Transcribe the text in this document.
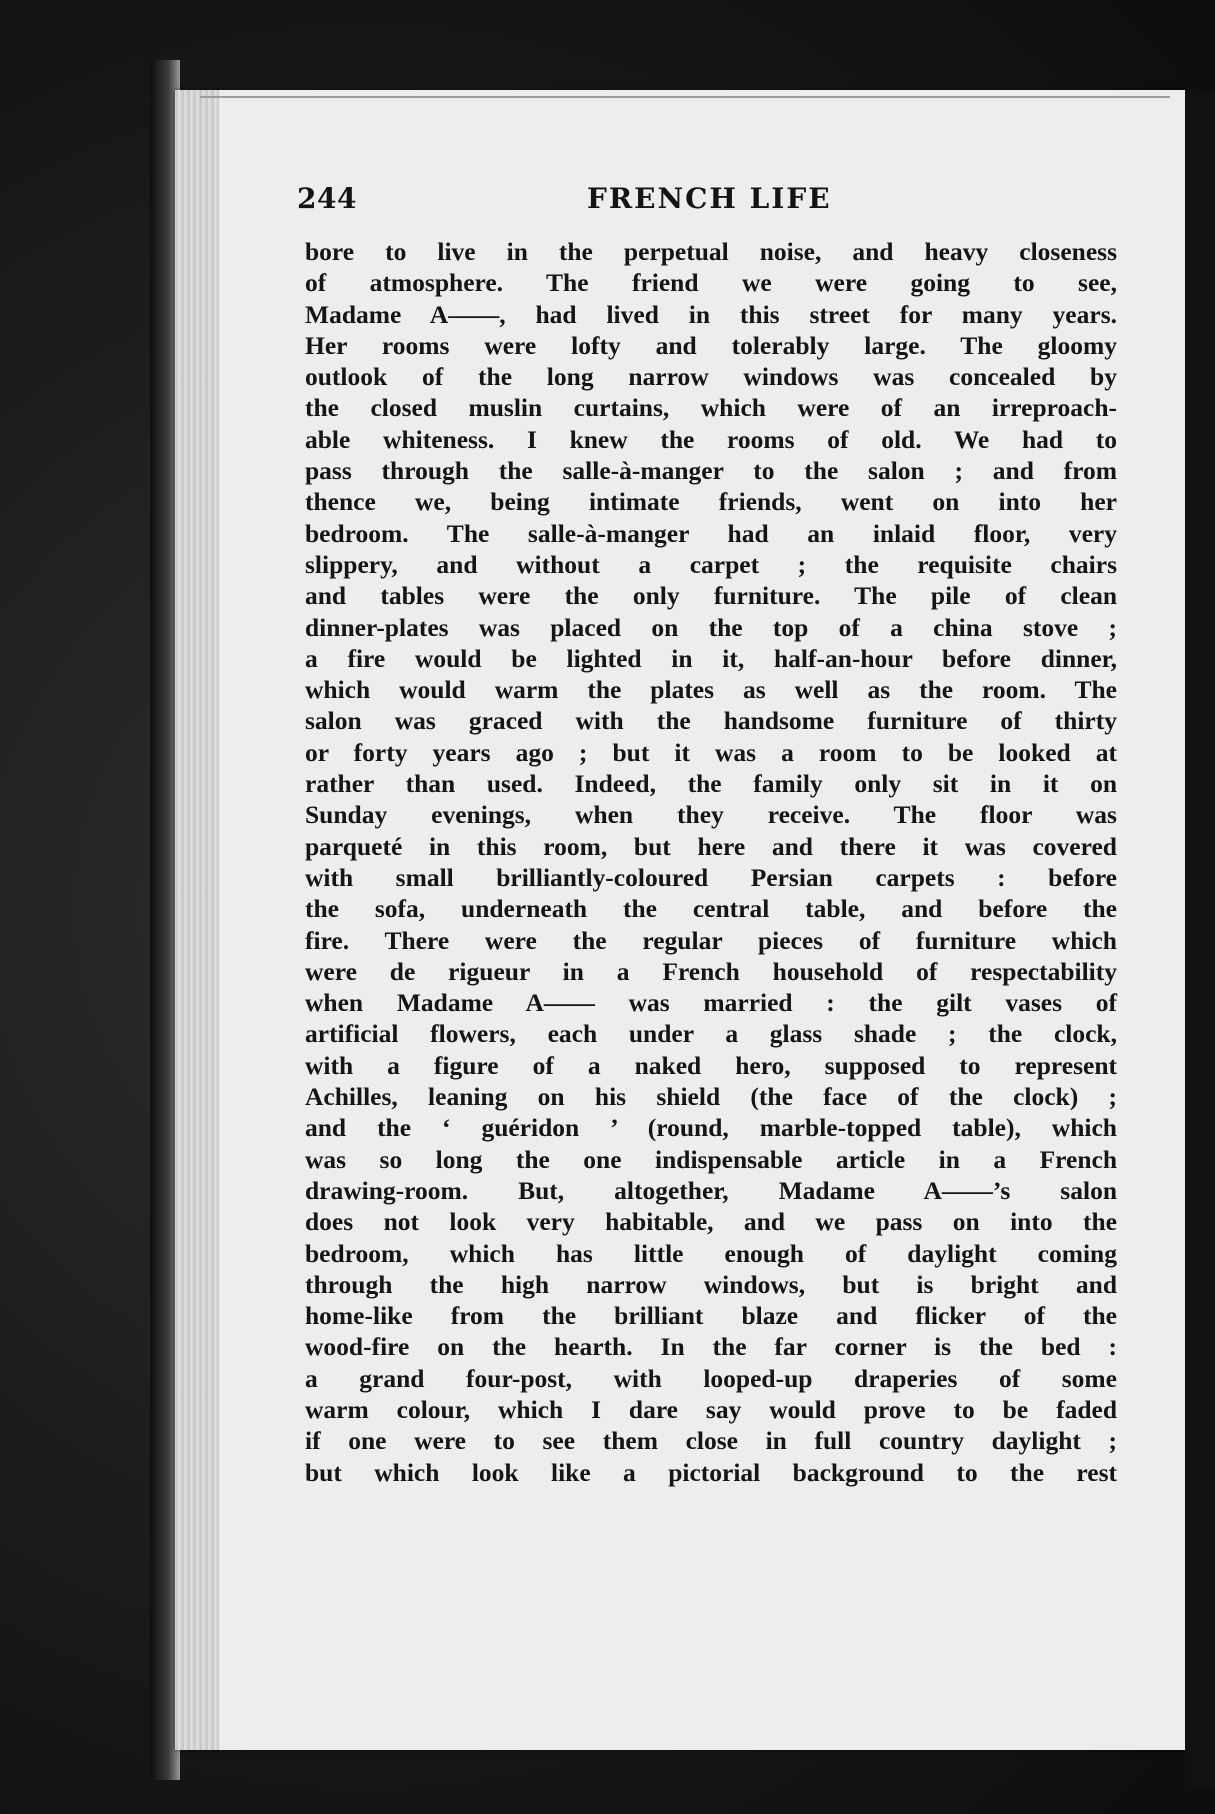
244	FRENCH LIFE
bore to live in the perpetual noise, and heavy closeness
of atmosphere. The friend we were going to see,
Madame A——, had lived in this street for many years.
Her rooms were lofty and tolerably large. The gloomy
outlook of the long narrow windows was concealed by
the closed muslin curtains, which were of an irreproach-
able whiteness. I knew the rooms of old. We had to
pass through the salle-à-manger to the salon ; and from
thence we, being intimate friends, went on into her
bedroom. The salle-à-manger had an inlaid floor, very
slippery, and without a carpet ; the requisite chairs
and tables were the only furniture. The pile of clean
dinner-plates was placed on the top of a china stove ;
a fire would be lighted in it, half-an-hour before dinner,
which would warm the plates as well as the room. The
salon was graced with the handsome furniture of thirty
or forty years ago ; but it was a room to be looked at
rather than used. Indeed, the family only sit in it on
Sunday evenings, when they receive. The floor was
parqueté in this room, but here and there it was covered
with small brilliantly-coloured Persian carpets : before
the sofa, underneath the central table, and before the
fire. There were the regular pieces of furniture which
were de rigueur in a French household of respectability
when Madame A—— was married : the gilt vases of
artificial flowers, each under a glass shade ; the clock,
with a figure of a naked hero, supposed to represent
Achilles, leaning on his shield (the face of the clock) ;
and the ‘ guéridon ’ (round, marble-topped table), which
was so long the one indispensable article in a French
drawing-room. But, altogether, Madame A——’s salon
does not look very habitable, and we pass on into the
bedroom, which has little enough of daylight coming
through the high narrow windows, but is bright and
home-like from the brilliant blaze and flicker of the
wood-fire on the hearth. In the far corner is the bed :
a grand four-post, with looped-up draperies of some
warm colour, which I dare say would prove to be faded
if one were to see them close in full country daylight ;
but which look like a pictorial background to the rest
